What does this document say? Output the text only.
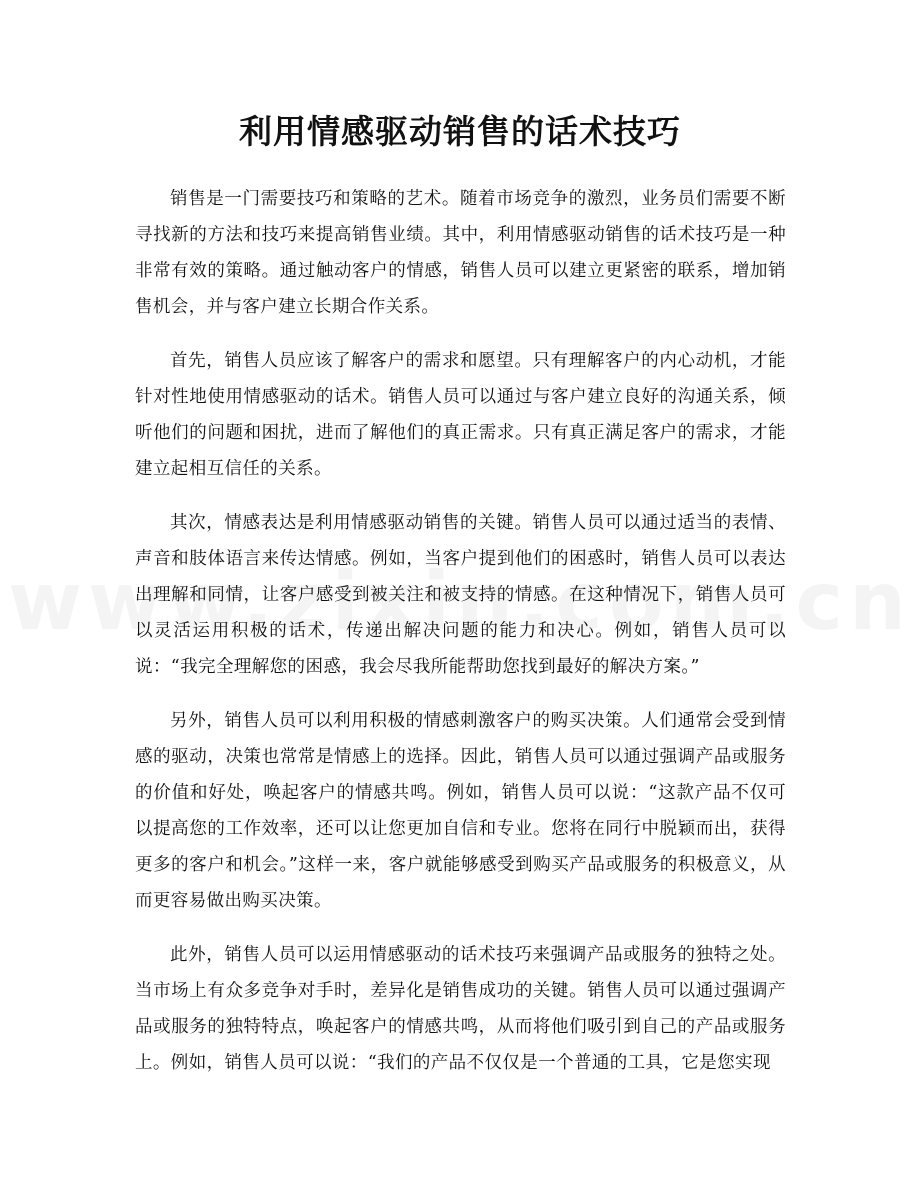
利用情感驱动销售的话术技巧

销售是一门需要技巧和策略的艺术。随着市场竞争的激烈，业务员们需要不断寻找新的方法和技巧来提高销售业绩。其中，利用情感驱动销售的话术技巧是一种非常有效的策略。通过触动客户的情感，销售人员可以建立更紧密的联系，增加销售机会，并与客户建立长期合作关系。

首先，销售人员应该了解客户的需求和愿望。只有理解客户的内心动机，才能针对性地使用情感驱动的话术。销售人员可以通过与客户建立良好的沟通关系，倾听他们的问题和困扰，进而了解他们的真正需求。只有真正满足客户的需求，才能建立起相互信任的关系。

其次，情感表达是利用情感驱动销售的关键。销售人员可以通过适当的表情、声音和肢体语言来传达情感。例如，当客户提到他们的困惑时，销售人员可以表达出理解和同情，让客户感受到被关注和被支持的情感。在这种情况下，销售人员可以灵活运用积极的话术，传递出解决问题的能力和决心。例如，销售人员可以说：“我完全理解您的困惑，我会尽我所能帮助您找到最好的解决方案。”

另外，销售人员可以利用积极的情感刺激客户的购买决策。人们通常会受到情感的驱动，决策也常常是情感上的选择。因此，销售人员可以通过强调产品或服务的价值和好处，唤起客户的情感共鸣。例如，销售人员可以说：“这款产品不仅可以提高您的工作效率，还可以让您更加自信和专业。您将在同行中脱颖而出，获得更多的客户和机会。”这样一来，客户就能够感受到购买产品或服务的积极意义，从而更容易做出购买决策。

此外，销售人员可以运用情感驱动的话术技巧来强调产品或服务的独特之处。当市场上有众多竞争对手时，差异化是销售成功的关键。销售人员可以通过强调产品或服务的独特特点，唤起客户的情感共鸣，从而将他们吸引到自己的产品或服务上。例如，销售人员可以说：“我们的产品不仅仅是一个普通的工具，它是您实现
